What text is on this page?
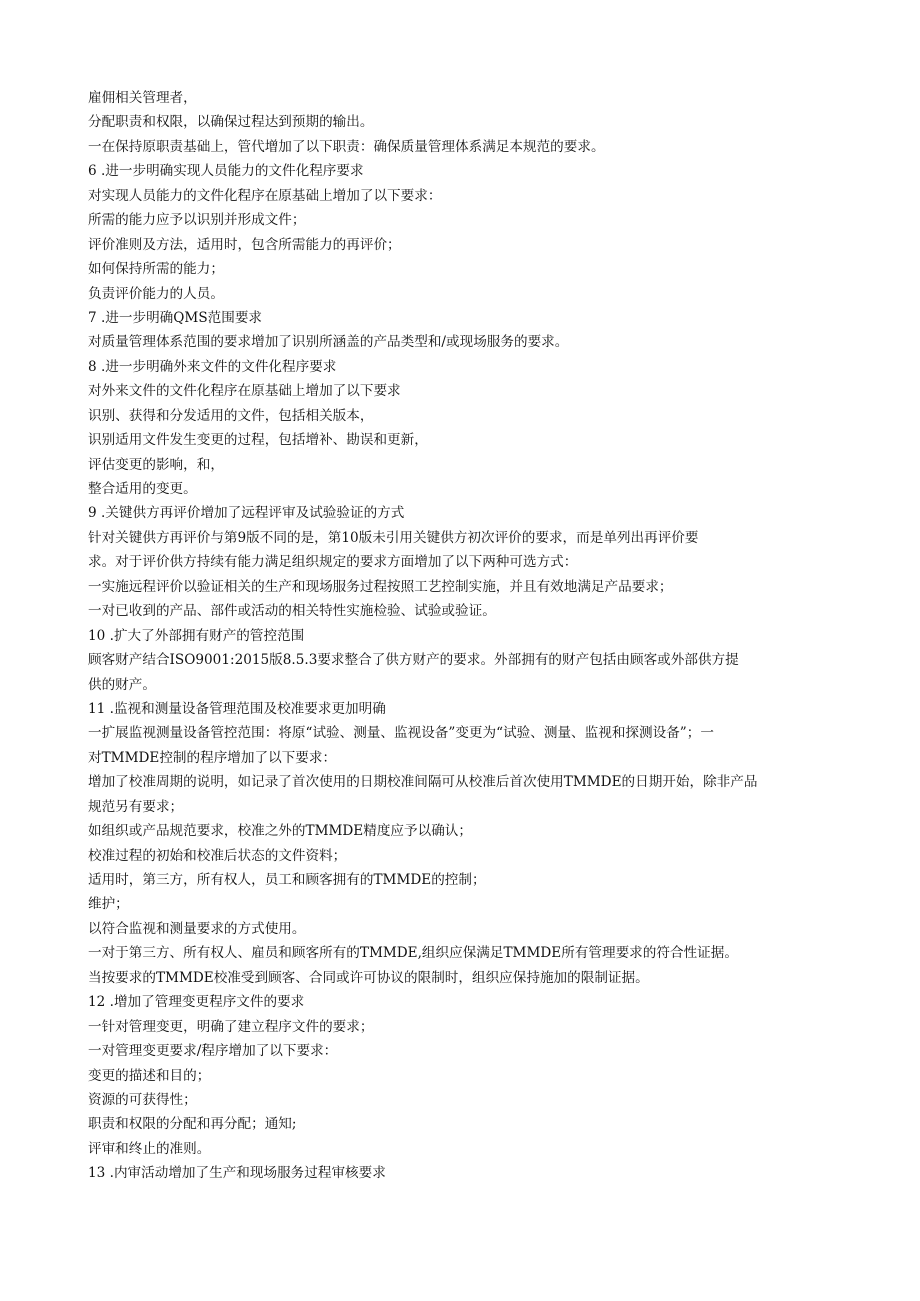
雇佣相关管理者，
分配职责和权限，以确保过程达到预期的输出。
一在保持原职责基础上，管代增加了以下职责：确保质量管理体系满足本规范的要求。
6 .进一步明确实现人员能力的文件化程序要求
对实现人员能力的文件化程序在原基础上增加了以下要求：
所需的能力应予以识别并形成文件；
评价准则及方法，适用时，包含所需能力的再评价；
如何保持所需的能力；
负责评价能力的人员。
7 .进一步明确QMS范围要求
对质量管理体系范围的要求增加了识别所涵盖的产品类型和/或现场服务的要求。
8 .进一步明确外来文件的文件化程序要求
对外来文件的文件化程序在原基础上增加了以下要求
识别、获得和分发适用的文件，包括相关版本，
识别适用文件发生变更的过程，包括增补、勘误和更新，
评估变更的影响，和，
整合适用的变更。
9 .关键供方再评价增加了远程评审及试验验证的方式
针对关键供方再评价与第9版不同的是，第10版未引用关键供方初次评价的要求，而是单列出再评价要
求。对于评价供方持续有能力满足组织规定的要求方面增加了以下两种可选方式：
一实施远程评价以验证相关的生产和现场服务过程按照工艺控制实施，并且有效地满足产品要求；
一对已收到的产品、部件或活动的相关特性实施检验、试验或验证。
10 .扩大了外部拥有财产的管控范围
顾客财产结合ISO9001:2015版8.5.3要求整合了供方财产的要求。外部拥有的财产包括由顾客或外部供方提
供的财产。
11 .监视和测量设备管理范围及校准要求更加明确
一扩展监视测量设备管控范围：将原“试验、测量、监视设备”变更为“试验、测量、监视和探测设备”；一
对TMMDE控制的程序增加了以下要求：
增加了校准周期的说明，如记录了首次使用的日期校准间隔可从校准后首次使用TMMDE的日期开始，除非产品
规范另有要求；
如组织或产品规范要求，校准之外的TMMDE精度应予以确认；
校准过程的初始和校准后状态的文件资料；
适用时，第三方，所有权人，员工和顾客拥有的TMMDE的控制；
维护；
以符合监视和测量要求的方式使用。
一对于第三方、所有权人、雇员和顾客所有的TMMDE,组织应保满足TMMDE所有管理要求的符合性证据。
当按要求的TMMDE校准受到顾客、合同或许可协议的限制时，组织应保持施加的限制证据。
12 .增加了管理变更程序文件的要求
一针对管理变更，明确了建立程序文件的要求；
一对管理变更要求/程序增加了以下要求：
变更的描述和目的；
资源的可获得性；
职责和权限的分配和再分配；通知;
评审和终止的准则。
13 .内审活动增加了生产和现场服务过程审核要求
